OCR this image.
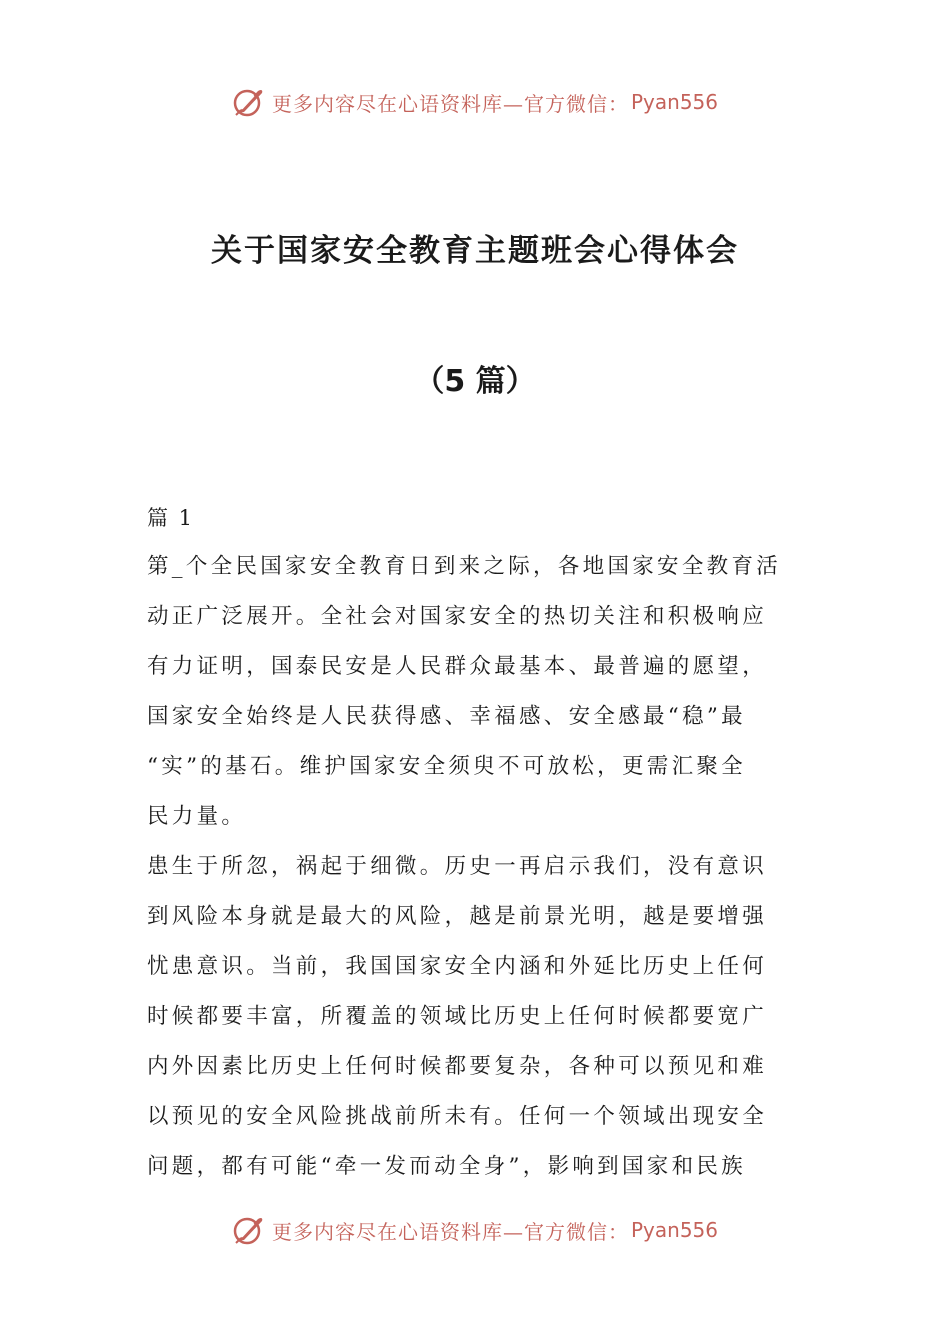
更多内容尽在心语资料库—官方微信： Pyan556
关于国家安全教育主题班会心得体会
（5 篇）
篇 1
第_个全民国家安全教育日到来之际，各地国家安全教育活
动正广泛展开。全社会对国家安全的热切关注和积极响应
有力证明，国泰民安是人民群众最基本、最普遍的愿望，
国家安全始终是人民获得感、幸福感、安全感最“稳”最
“实”的基石。维护国家安全须臾不可放松，更需汇聚全
民力量。
患生于所忽，祸起于细微。历史一再启示我们，没有意识
到风险本身就是最大的风险，越是前景光明，越是要增强
忧患意识。当前，我国国家安全内涵和外延比历史上任何
时候都要丰富，所覆盖的领域比历史上任何时候都要宽广
内外因素比历史上任何时候都要复杂，各种可以预见和难
以预见的安全风险挑战前所未有。任何一个领域出现安全
问题，都有可能“牵一发而动全身”，影响到国家和民族
更多内容尽在心语资料库—官方微信： Pyan556
